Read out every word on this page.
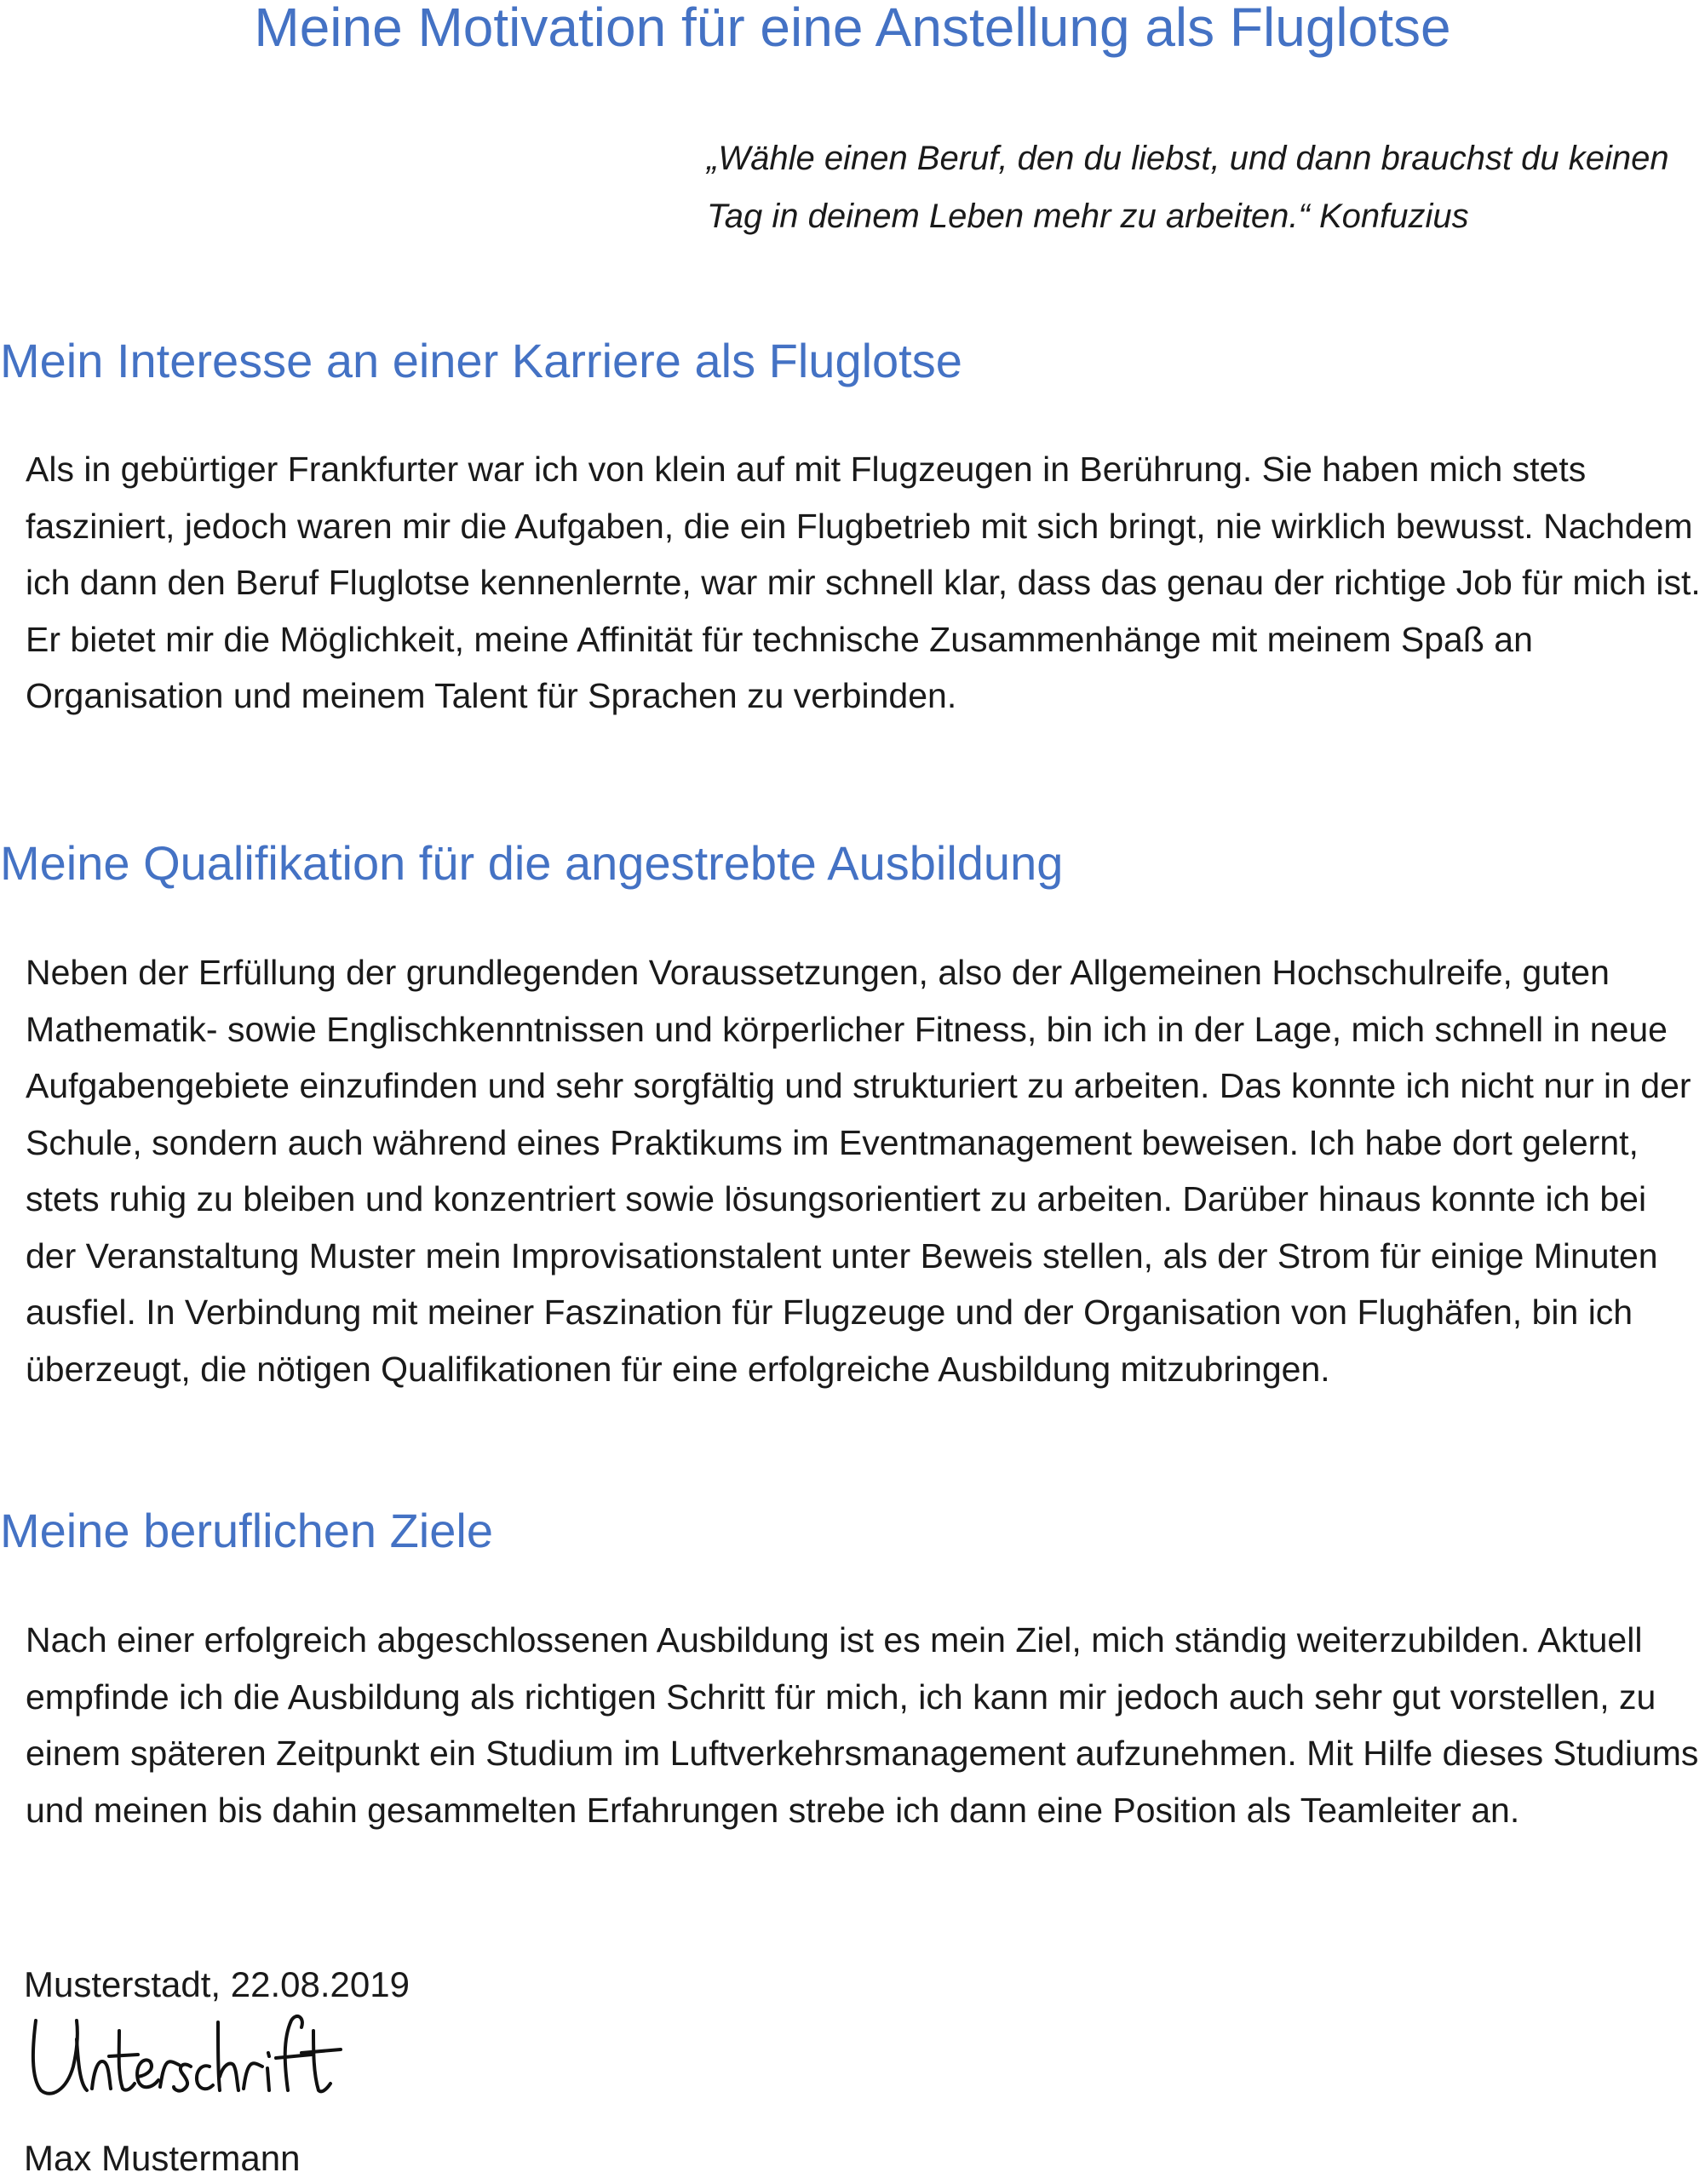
Meine Motivation für eine Anstellung als Fluglotse

„Wähle einen Beruf, den du liebst, und dann brauchst du keinen Tag in deinem Leben mehr zu arbeiten.“ Konfuzius

Mein Interesse an einer Karriere als Fluglotse

Als in gebürtiger Frankfurter war ich von klein auf mit Flugzeugen in Berührung. Sie haben mich stets fasziniert, jedoch waren mir die Aufgaben, die ein Flugbetrieb mit sich bringt, nie wirklich bewusst. Nachdem ich dann den Beruf Fluglotse kennenlernte, war mir schnell klar, dass das genau der richtige Job für mich ist. Er bietet mir die Möglichkeit, meine Affinität für technische Zusammenhänge mit meinem Spaß an Organisation und meinem Talent für Sprachen zu verbinden.

Meine Qualifikation für die angestrebte Ausbildung

Neben der Erfüllung der grundlegenden Voraussetzungen, also der Allgemeinen Hochschulreife, guten Mathematik- sowie Englischkenntnissen und körperlicher Fitness, bin ich in der Lage, mich schnell in neue Aufgabengebiete einzufinden und sehr sorgfältig und strukturiert zu arbeiten. Das konnte ich nicht nur in der Schule, sondern auch während eines Praktikums im Eventmanagement beweisen. Ich habe dort gelernt, stets ruhig zu bleiben und konzentriert sowie lösungsorientiert zu arbeiten. Darüber hinaus konnte ich bei der Veranstaltung Muster mein Improvisationstalent unter Beweis stellen, als der Strom für einige Minuten ausfiel. In Verbindung mit meiner Faszination für Flugzeuge und der Organisation von Flughäfen, bin ich überzeugt, die nötigen Qualifikationen für eine erfolgreiche Ausbildung mitzubringen.

Meine beruflichen Ziele

Nach einer erfolgreich abgeschlossenen Ausbildung ist es mein Ziel, mich ständig weiterzubilden. Aktuell empfinde ich die Ausbildung als richtigen Schritt für mich, ich kann mir jedoch auch sehr gut vorstellen, zu einem späteren Zeitpunkt ein Studium im Luftverkehrsmanagement aufzunehmen. Mit Hilfe dieses Studiums und meinen bis dahin gesammelten Erfahrungen strebe ich dann eine Position als Teamleiter an.

Musterstadt, 22.08.2019

Max Mustermann
